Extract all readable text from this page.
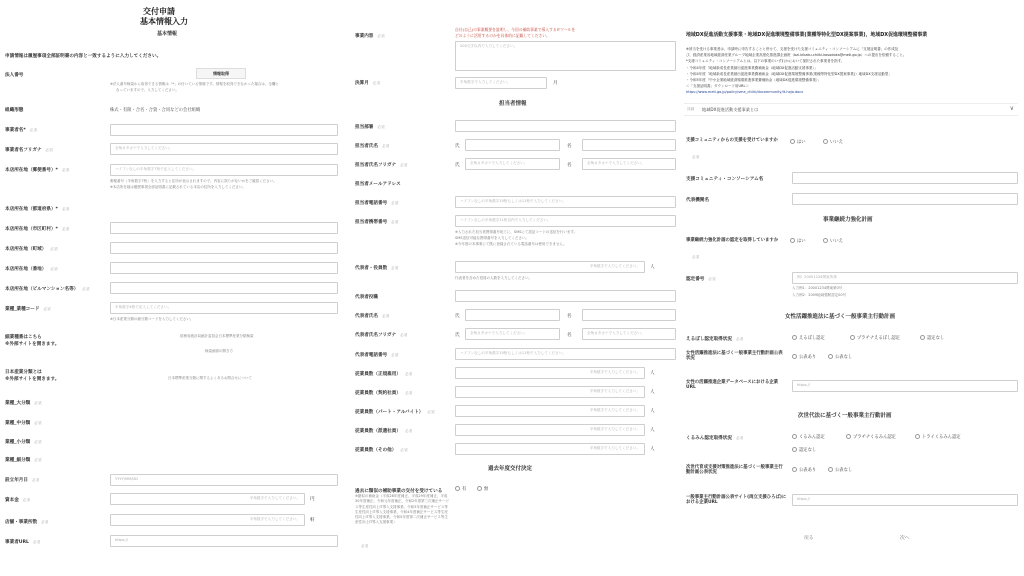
交付申請
基本情報入力
基本情報
申請情報は履歴事項全部証明書の内容と一致するように入力してください。
法人番号	情報取得
※法人番号検索から取得できる情報は「*」の付いている情報です。情報を取得できなかった場合は、全欄と
なっていますので、入力してください。
組織形態	株式・有限・合名・合資・合同などの会社組織
事業者名* 必須
事業者名フリガナ 必須	全角カタカナで入力してください。
本店所在地（郵便番号）* 必須	ハイフンなしの半角数字7桁で記入してください。
郵便番号（半角数字7桁）を入力すると住所が表示されますので、内容に誤りがないかをご確認ください。
※本店所在地は履歴事項全部証明書に記載されている本店の住所を入力してください。
本店所在地（都道府県）* 必須
本店所在地（市区町村）* 必須
本店所在地（町域） 必須
本店所在地（番地） 必須
本店所在地（ビルマンション名等） 必須
業種_業種コード 必須	半角数字4桁で記入してください。
※日本産業分類の細分類コードを入力してください。
細業種番はこちら
※外部サイトを開きます。
総務省統計局統計委員会日本標準産業分類検索
検索画面の開き方
日本産業分類とは
※外部サイトを開きます。	日本標準産業分類に関するよくあるお問合せについて
業種_大分類 必須
業種_中分類 必須
業種_小分類 必須
業種_細分類 必須
設立年月日 必須	YYYY/MM/DD
資本金 必須	半角数字で入力してください。	円
店舗・事業所数 必須
半角数字で入力してください。	軒
事業者URL 必須	https://
事業内容 必須
自社(自己)の事業概要を説明し、今回の補助事業で導入するITツールを
どのように活用するのかを具体的に記載してください。
200文字以内で入力してください。
決算月 必須	半角数字で入力してください。	月
担当者情報
担当部署 必須
担当者氏名 必須	氏	名
担当者氏名フリガナ 必須	氏	全角カタカナで入力してください。	名	全角カタカナで入力してください。
担当者メールアドレス
担当者電話番号 必須	ハイフンなしの半角数字10桁もしくは11桁で入力してください。
担当者携帯番号 必須	ハイフンなしの半角数字11桁以内で入力してください。
※入力された担当者携帯番号宛てに、SMSにて認証コードの送信を行います。
SMS送信可能な携帯番号を入力してください。
※今年度の本事業にて既に登録されている電話番号は使用できません。
代表者・役員数 必須	半角数字で入力してください。	人
代表者を含めた役員の人数を入力してください。
代表者役職
代表者氏名 必須	氏	名
代表者氏名フリガナ 必須	氏	全角カタカナで入力してください。	名	全角カタカナで入力してください。
代表者電話番号 必須	ハイフンなしの半角数字10桁もしくは11桁で入力してください。
従業員数（正規雇用） 必須	半角数字で入力してください。	人
従業員数（契約社員） 必須	半角数字で入力してください。	人
従業員数（パート・アルバイト） 必須	半角数字で入力してください。	人
従業員数（派遣社員） 必須	半角数字で入力してください。	人
従業員数（その他） 必須	半角数字で入力してください。	人
過去年度交付決定
過去に類似の補助事業の交付を受けている
※類似の補助金（平成28年度補正、平成29年度補正、平成30年度補正、令和元年度補正、令和2年度第三次補正サービス等生産性向上IT導入支援事業、令和3年度補正サービス等生産性向上IT導入支援事業、令和4年度補正サービス等生産性向上IT導入支援事業、令和5年度第二次補正サービス等生産性向上IT導入支援事業）
必須
有	無
地域DX促進活動支援事業・地域DX促進環境整備事業(業種等特化型DX提案事業)，地域DX促進環境整備事業
※該当を受ける事業者は、申請時に申告することと併せて、支援を受けた支援コミュニティ・コンソーシアムに「支援証明書」の作成及
び、経済産業省地域経済産業グループ地域企業高度化推進課企画班（bzl-kikaku-chiiki-kosodoka@meti.go.jp）への提出を依頼すること。
*支援コミュニティ・コンソーシアムとは、以下の事業のいずれかにおいて採択された事業者を指す。
・令和4年度「地域新成長産業創出促進事業費補助金（地域DX促進活動支援事業）」
・令和4年度「地域新成長産業創出促進事業費補助金（地域DX促進環境整備事業(業種等特化型DX提案事業)）地域DX支援活動型」
・令和5年度「中小企業地域経済循環推進事業費補助金（地域DX促進環境整備事業）」
＜「支援証明書」ダウンロード用URL＞
https://www.meti.go.jp/policy/sme_chiiki/dxcommunity/it-hojo.docx
詳細 地域DX促進活動支援事業とは	∨
支援コミュニティからの支援を受けていますか
必須
はい	いいえ
支援コミュニティ・コンソーシアム名
代表機関名
事業継続力強化計画
事業継続力強化計画の認定を取得していますか
必須
はい	いいえ
認定番号 必須	例）20001234関東所事
入力例1：20001234関東第0号
入力例2：2009地域強靭認定00号
女性活躍推進法に基づく一般事業主行動計画
えるぼし認定取得状況 必須	えるぼし認定	プラチナえるぼし認定	認定なし
女性活躍推進法に基づく一般事業主行動計画公表状況	公表あり	公表なし
女性の活躍推進企業データベースにおける企業URL
https://
次世代法に基づく一般事業主行動計画
くるみん認定取得状況 必須	くるみん認定	プラチナくるみん認定	トライくるみん認定
認定なし
次世代育成支援対策推進法に基づく一般事業主行動計画公表状況	公表あり	公表なし
一般事業主行動計画公表サイト(両立支援ひろば)における企業URL
https://
戻る	次へ
